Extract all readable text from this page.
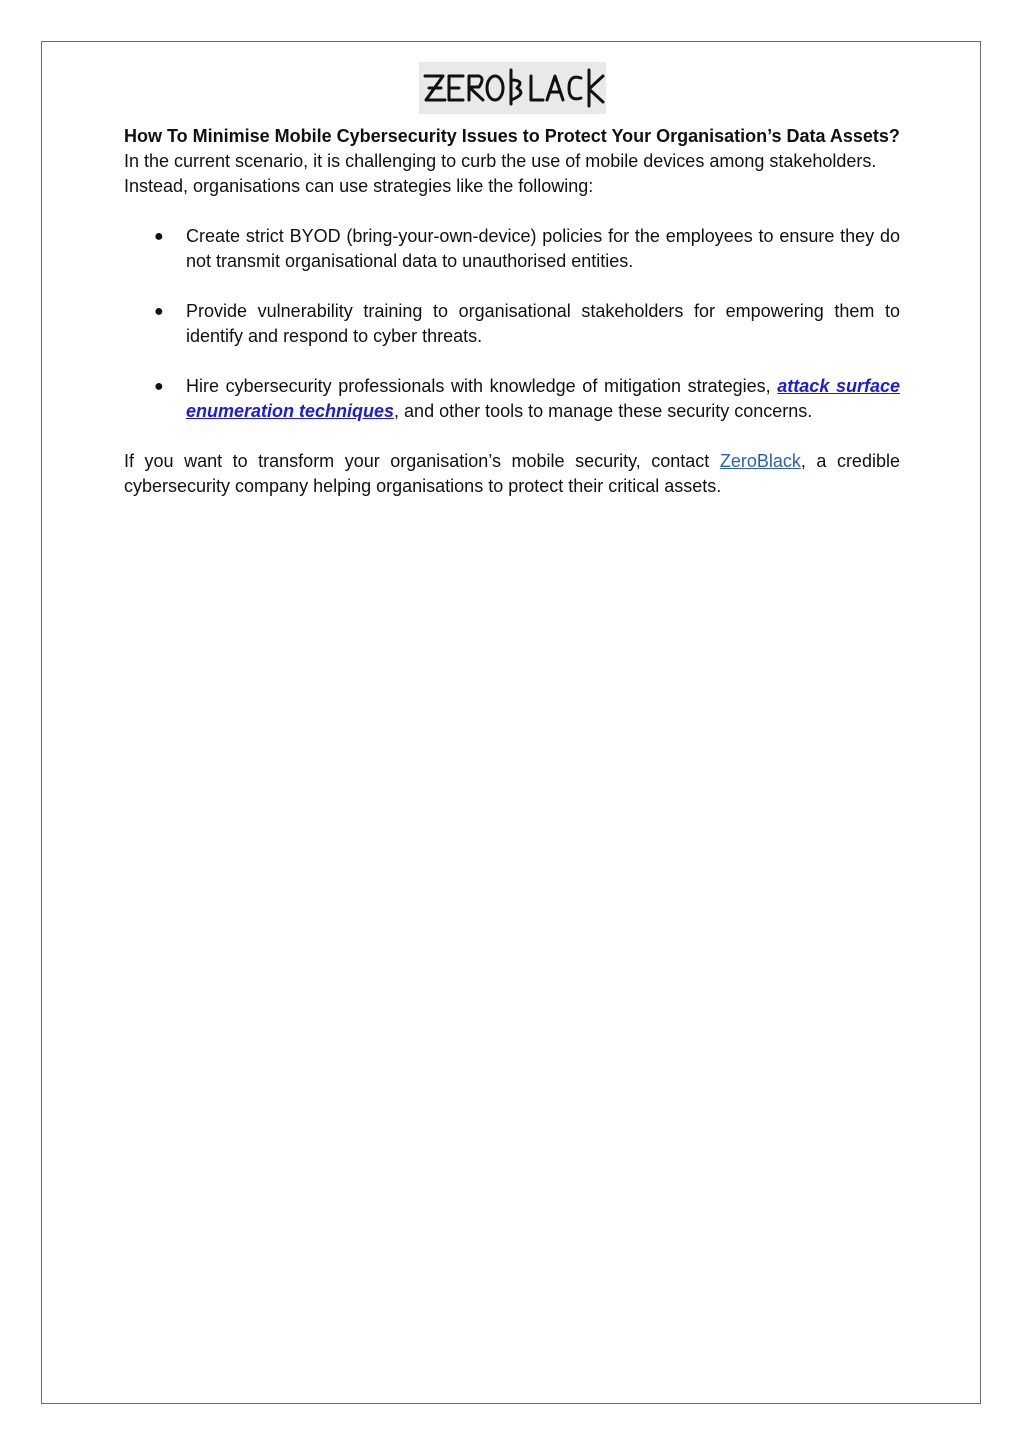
How To Minimise Mobile Cybersecurity Issues to Protect Your Organisation’s Data Assets?

In the current scenario, it is challenging to curb the use of mobile devices among stakeholders. Instead, organisations can use strategies like the following:

● Create strict BYOD (bring-your-own-device) policies for the employees to ensure they do not transmit organisational data to unauthorised entities.
● Provide vulnerability training to organisational stakeholders for empowering them to identify and respond to cyber threats.
● Hire cybersecurity professionals with knowledge of mitigation strategies, attack surface enumeration techniques, and other tools to manage these security concerns.

If you want to transform your organisation’s mobile security, contact ZeroBlack, a credible cybersecurity company helping organisations to protect their critical assets.
